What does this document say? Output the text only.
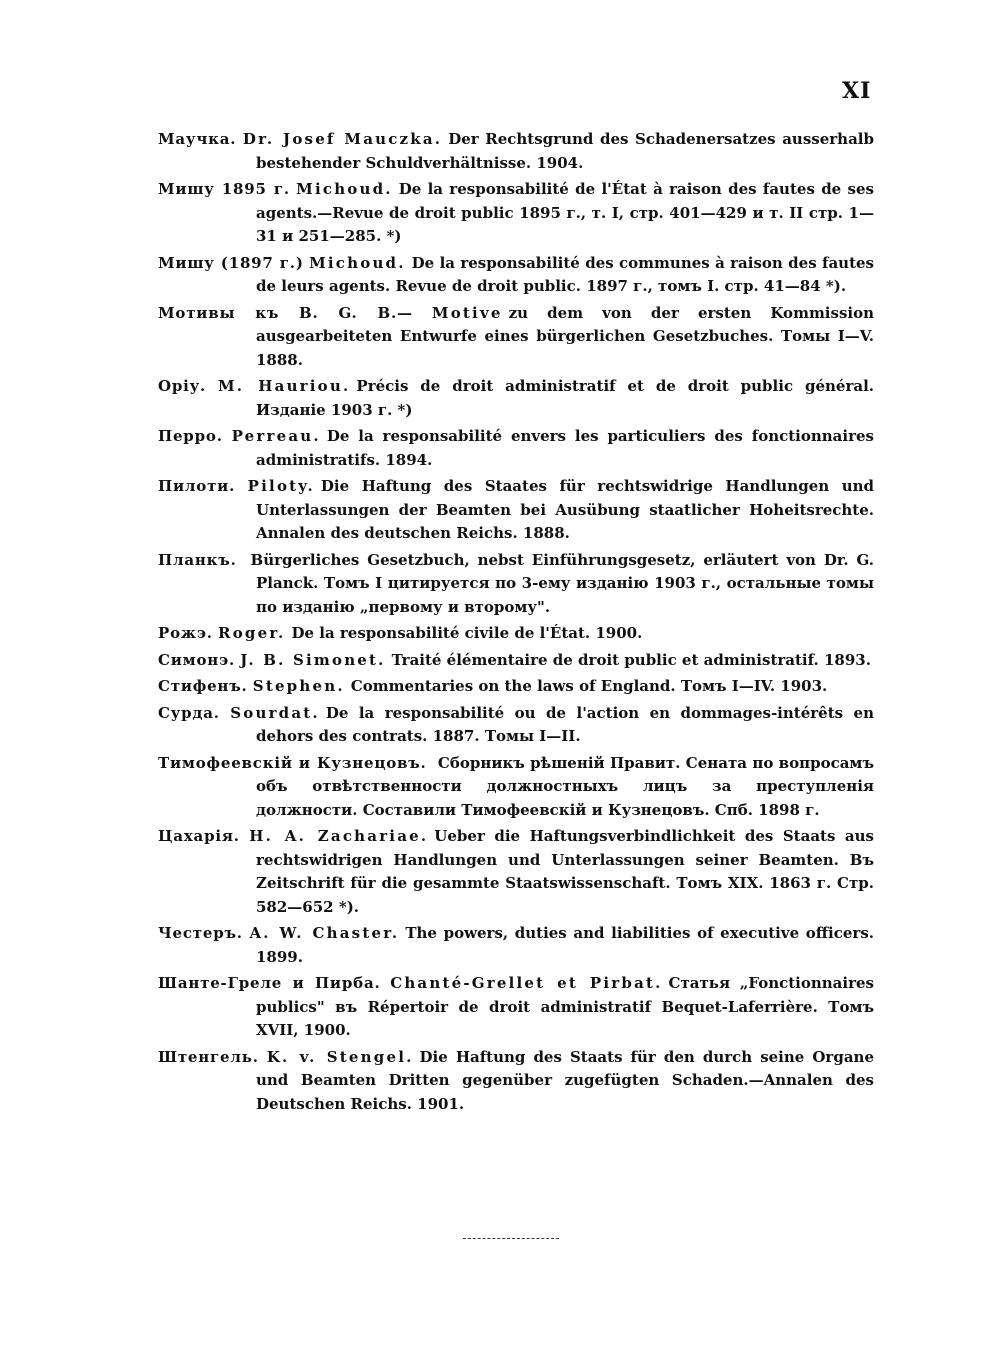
XI

Маучка. Dr. Josef Mauczka. Der Rechtsgrund des Schadenersatzes ausserhalb bestehender Schuldverhältnisse. 1904.

Мишу 1895 г. Michoud. De la responsabilité de l'État à raison des fautes de ses agents.—Revue de droit public 1895 г., т. I, стр. 401—429 и т. II стр. 1—31 и 251—285. *)

Мишу (1897 г.) Michoud. De la responsabilité des communes à raison des fautes de leurs agents. Revue de droit public. 1897 г., томъ I. стр. 41—84 *).

Мотивы къ B. G. B.— Motive zu dem von der ersten Kommission ausgearbeiteten Entwurfe eines bürgerlichen Gesetzbuches. Томы I—V. 1888.

Оріу. M. Hauriou. Précis de droit administratif et de droit public général. Изданіе 1903 г. *)

Перро. Perreau. De la responsabilité envers les particuliers des fonctionnaires administratifs. 1894.

Пилоти. Piloty. Die Haftung des Staates für rechtswidrige Handlungen und Unterlassungen der Beamten bei Ausübung staatlicher Hoheitsrechte. Annalen des deutschen Reichs. 1888.

Планкъ. Bürgerliches Gesetzbuch, nebst Einführungsgesetz, erläutert von Dr. G. Planck. Томъ I цитируется по 3-ему изданію 1903 г., остальные томы по изданію „первому и второму".

Рожэ. Roger. De la responsabilité civile de l'État. 1900.

Симонэ. J. B. Simonet. Traité élémentaire de droit public et administratif. 1893.

Стифенъ. Stephen. Commentaries on the laws of England. Томъ I—IV. 1903.

Сурда. Sourdat. De la responsabilité ou de l'action en dommages-intérêts en dehors des contrats. 1887. Томы I—II.

Тимофеевскій и Кузнецовъ. Сборникъ рѣшеній Правит. Сената по вопросамъ объ отвѣтственности должностныхъ лицъ за преступленія должности. Составили Тимофеевскій и Кузнецовъ. Спб. 1898 г.

Цахарія. H. A. Zachariae. Ueber die Haftungsverbindlichkeit des Staats aus rechtswidrigen Handlungen und Unterlassungen seiner Beamten. Въ Zeitschrift für die gesammte Staatswissenschaft. Томъ XIX. 1863 г. Стр. 582—652 *).

Честеръ. A. W. Chaster. The powers, duties and liabilities of executive officers. 1899.

Шанте-Греле и Пирба. Chanté-Grellet et Pirbat. Статья „Fonctionnaires publics" въ Répertoir de droit administratif Bequet-Laferrière. Томъ XVII, 1900.

Штенгель. K. v. Stengel. Die Haftung des Staats für den durch seine Organe und Beamten Dritten gegenüber zugefügten Schaden.—Annalen des Deutschen Reichs. 1901.
